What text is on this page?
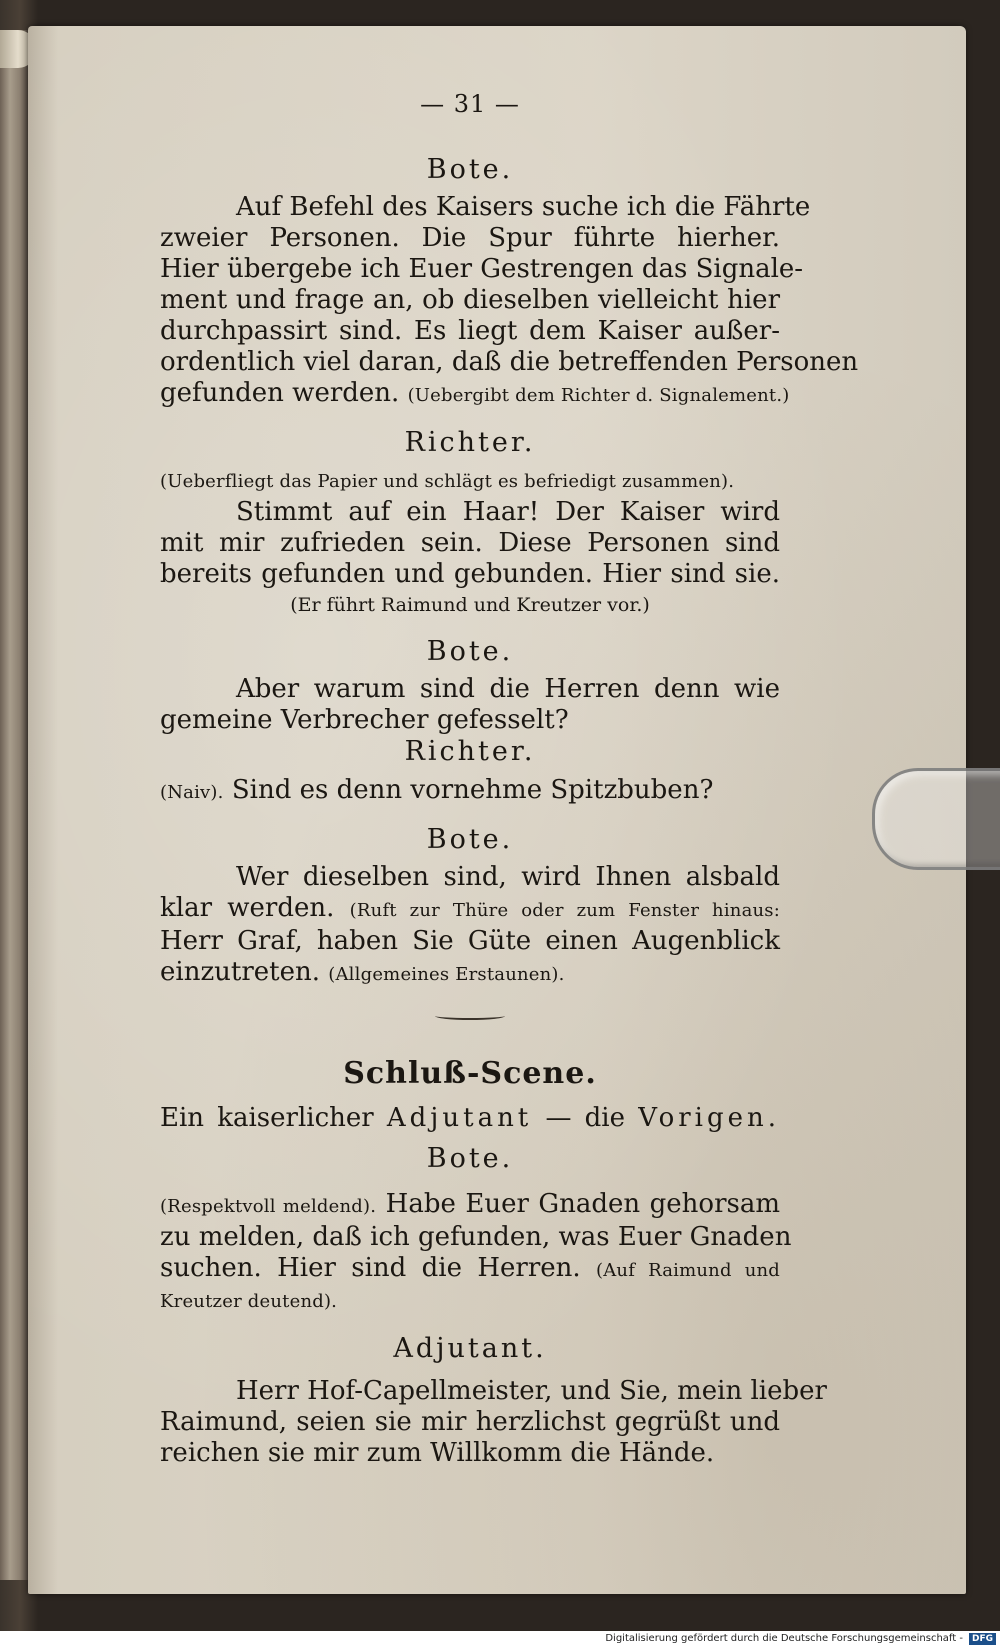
— 31 —
Bote.
Auf Befehl des Kaisers suche ich die Fährte
zweier Personen. Die Spur führte hierher.
Hier übergebe ich Euer Gestrengen das Signale-
ment und frage an, ob dieselben vielleicht hier
durchpassirt sind. Es liegt dem Kaiser außer-
ordentlich viel daran, daß die betreffenden Personen
gefunden werden. (Uebergibt dem Richter d. Signalement.)
Richter.
(Ueberfliegt das Papier und schlägt es befriedigt zusammen).
Stimmt auf ein Haar! Der Kaiser wird
mit mir zufrieden sein. Diese Personen sind
bereits gefunden und gebunden. Hier sind sie.
(Er führt Raimund und Kreutzer vor.)
Bote.
Aber warum sind die Herren denn wie
gemeine Verbrecher gefesselt?
Richter.
(Naiv). Sind es denn vornehme Spitzbuben?
Bote.
Wer dieselben sind, wird Ihnen alsbald
klar werden. (Ruft zur Thüre oder zum Fenster hinaus:
Herr Graf, haben Sie Güte einen Augenblick
einzutreten. (Allgemeines Erstaunen).
Schluß-Scene.
Ein kaiserlicher Adjutant — die Vorigen.
Bote.
(Respektvoll meldend). Habe Euer Gnaden gehorsam
zu melden, daß ich gefunden, was Euer Gnaden
suchen. Hier sind die Herren. (Auf Raimund und
Kreutzer deutend).
Adjutant.
Herr Hof-Capellmeister, und Sie, mein lieber
Raimund, seien sie mir herzlichst gegrüßt und
reichen sie mir zum Willkomm die Hände.
Digitalisierung gefördert durch die Deutsche Forschungsgemeinschaft - DFG
